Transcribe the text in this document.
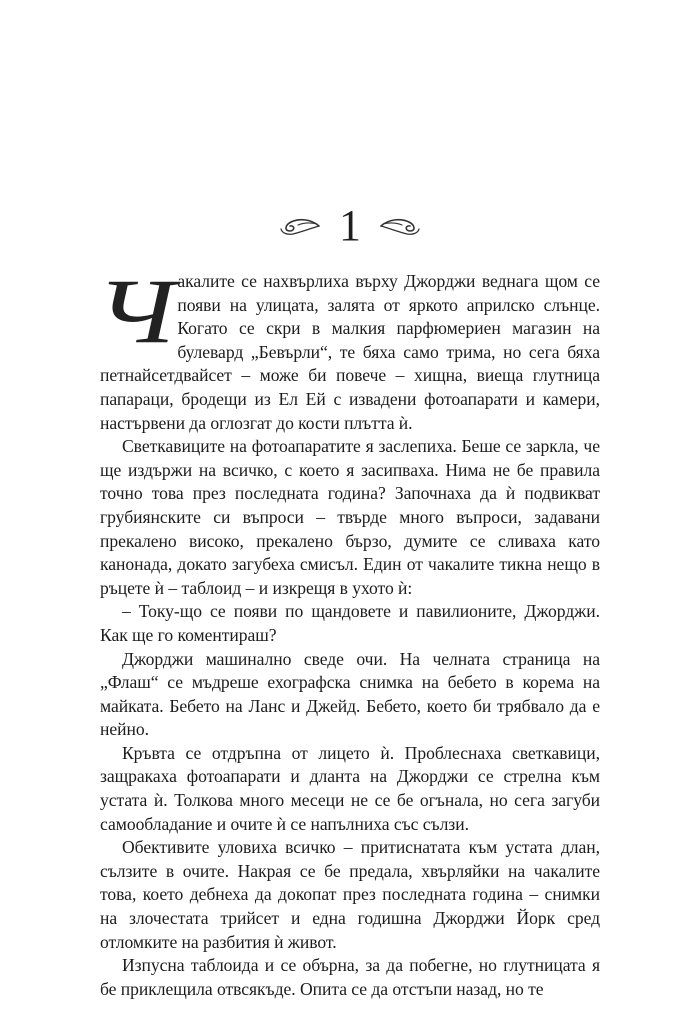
1

Чакалите се нахвърлиха върху Джорджи веднага щом се появи на улицата, залята от яркото априлско слънце. Когато се скри в малкия парфюмериен магазин на булевард „Бевърли“, те бяха само трима, но сега бяха петнайсетдвайсет – може би повече – хищна, виеща глутница папараци, бродещи из Ел Ей с извадени фотоапарати и камери, настървени да оглозгат до кости плътта ѝ.

Светкавиците на фотоапаратите я заслепиха. Беше се заркла, че ще издържи на всичко, с което я засипваха. Нима не бе правила точно това през последната година? Започнаха да ѝ подвикват грубиянските си въпроси – твърде много въпроси, задавани прекалено високо, прекалено бързо, думите се сливаха като канонада, докато загубеха смисъл. Един от чакалите тикна нещо в ръцете ѝ – таблоид – и изкрещя в ухото ѝ:

– Току-що се появи по щандовете и павилионите, Джорджи. Как ще го коментираш?

Джорджи машинално сведе очи. На челната страница на „Флаш“ се мъдреше ехографска снимка на бебето в корема на майката. Бебето на Ланс и Джейд. Бебето, което би трябвало да е нейно.

Кръвта се отдръпна от лицето ѝ. Проблеснаха светкавици, защракаха фотоапарати и дланта на Джорджи се стрелна към устата ѝ. Толкова много месеци не се бе огънала, но сега загуби самообладание и очите ѝ се напълниха със сълзи.

Обективите уловиха всичко – притиснатата към устата длан, сълзите в очите. Накрая се бе предала, хвърляйки на чакалите това, което дебнеха да докопат през последната година – снимки на злочестата трийсет и една годишна Джорджи Йорк сред отломките на разбития ѝ живот.

Изпусна таблоида и се обърна, за да побегне, но глутницата я бе приклещила отвсякъде. Опита се да отстъпи назад, но те
